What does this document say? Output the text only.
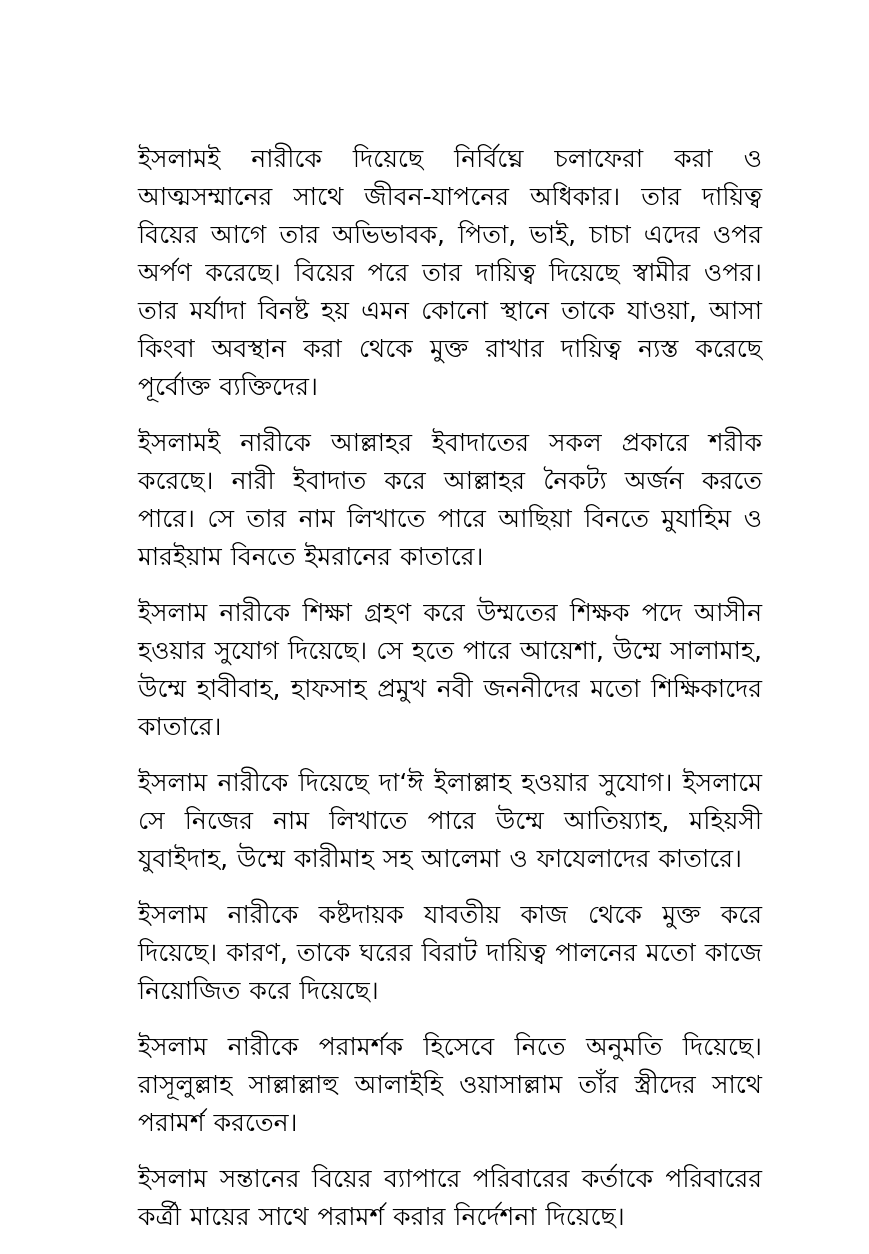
ইসলামই নারীকে দিয়েছে নির্বিঘ্নে চলাফেরা করা ও আত্মসম্মানের সাথে জীবন-যাপনের অধিকার। তার দায়িত্ব বিয়ের আগে তার অভিভাবক, পিতা, ভাই, চাচা এদের ওপর অর্পণ করেছে। বিয়ের পরে তার দায়িত্ব দিয়েছে স্বামীর ওপর। তার মর্যাদা বিনষ্ট হয় এমন কোনো স্থানে তাকে যাওয়া, আসা কিংবা অবস্থান করা থেকে মুক্ত রাখার দায়িত্ব ন্যস্ত করেছে পূর্বোক্ত ব্যক্তিদের।

ইসলামই নারীকে আল্লাহর ইবাদাতের সকল প্রকারে শরীক করেছে। নারী ইবাদাত করে আল্লাহর নৈকট্য অর্জন করতে পারে। সে তার নাম লিখাতে পারে আছিয়া বিনতে মুযাহিম ও মারইয়াম বিনতে ইমরানের কাতারে।

ইসলাম নারীকে শিক্ষা গ্রহণ করে উম্মতের শিক্ষক পদে আসীন হওয়ার সুযোগ দিয়েছে। সে হতে পারে আয়েশা, উম্মে সালামাহ, উম্মে হাবীবাহ, হাফসাহ প্রমুখ নবী জননীদের মতো শিক্ষিকাদের কাতারে।

ইসলাম নারীকে দিয়েছে দা‘ঈ ইলাল্লাহ হওয়ার সুযোগ। ইসলামে সে নিজের নাম লিখাতে পারে উম্মে আতিয়্যাহ, মহিয়সী যুবাইদাহ, উম্মে কারীমাহ সহ আলেমা ও ফাযেলাদের কাতারে।

ইসলাম নারীকে কষ্টদায়ক যাবতীয় কাজ থেকে মুক্ত করে দিয়েছে। কারণ, তাকে ঘরের বিরাট দায়িত্ব পালনের মতো কাজে নিয়োজিত করে দিয়েছে।

ইসলাম নারীকে পরামর্শক হিসেবে নিতে অনুমতি দিয়েছে। রাসূলুল্লাহ সাল্লাল্লাহু আলাইহি ওয়াসাল্লাম তাঁর স্ত্রীদের সাথে পরামর্শ করতেন।

ইসলাম সন্তানের বিয়ের ব্যাপারে পরিবারের কর্তাকে পরিবারের কর্ত্রী মায়ের সাথে পরামর্শ করার নির্দেশনা দিয়েছে।
